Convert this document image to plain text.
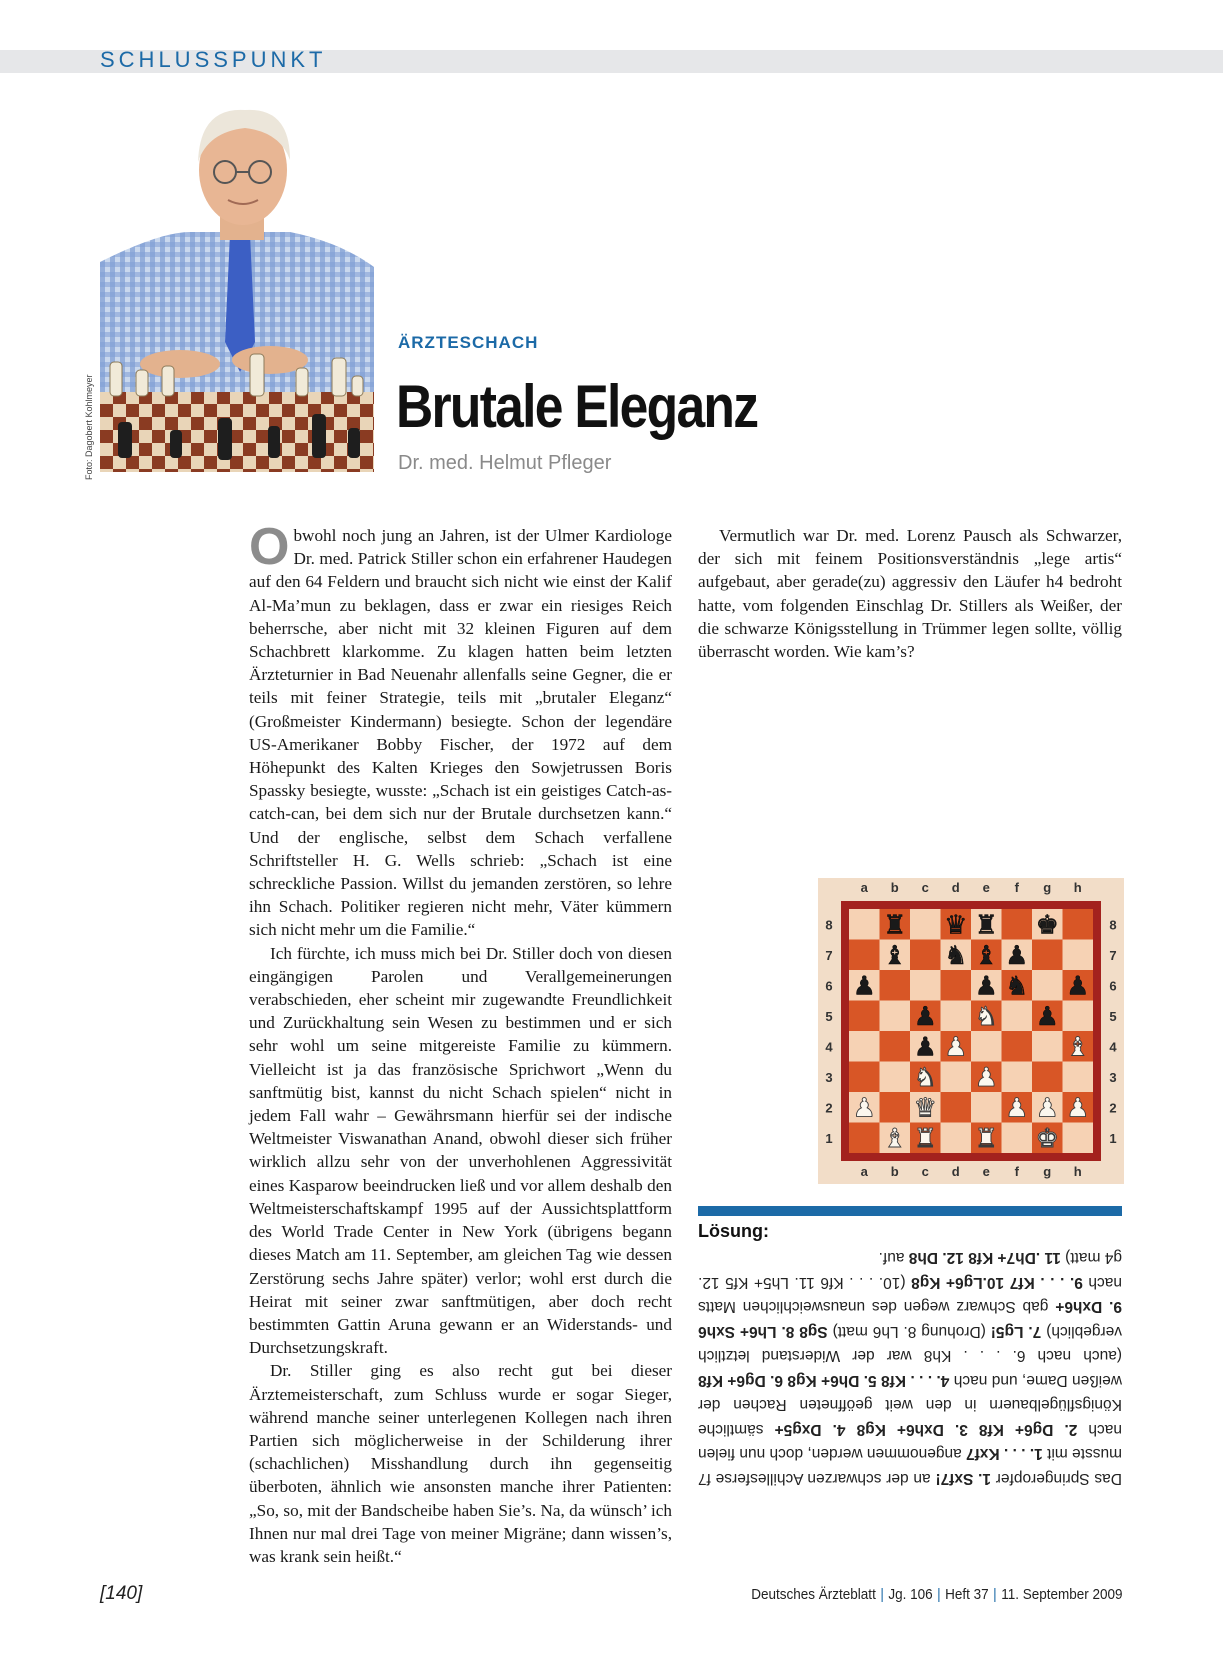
SCHLUSSPUNKT
Foto: Dagobert Kohlmeyer
ÄRZTESCHACH
Brutale Eleganz
Dr. med. Helmut Pfleger

Obwohl noch jung an Jahren, ist der Ulmer Kardiologe Dr. med. Patrick Stiller schon ein erfahrener Haudegen auf den 64 Feldern und braucht sich nicht wie einst der Kalif Al-Ma’mun zu beklagen, dass er zwar ein riesiges Reich beherrsche, aber nicht mit 32 kleinen Figuren auf dem Schachbrett klarkomme. Zu klagen hatten beim letzten Ärzteturnier in Bad Neuenahr allenfalls seine Gegner, die er teils mit feiner Strategie, teils mit „brutaler Eleganz“ (Großmeister Kindermann) besiegte. Schon der legendäre US-Amerikaner Bobby Fischer, der 1972 auf dem Höhepunkt des Kalten Krieges den Sowjetrussen Boris Spassky besiegte, wusste: „Schach ist ein geistiges Catch-as-catch-can, bei dem sich nur der Brutale durchsetzen kann.“ Und der englische, selbst dem Schach verfallene Schriftsteller H. G. Wells schrieb: „Schach ist eine schreckliche Passion. Willst du jemanden zerstören, so lehre ihn Schach. Politiker regieren nicht mehr, Väter kümmern sich nicht mehr um die Familie.“

Ich fürchte, ich muss mich bei Dr. Stiller doch von diesen eingängigen Parolen und Verallgemeinerungen verabschieden, eher scheint mir zugewandte Freundlichkeit und Zurückhaltung sein Wesen zu bestimmen und er sich sehr wohl um seine mitgereiste Familie zu kümmern. Vielleicht ist ja das französische Sprichwort „Wenn du sanftmütig bist, kannst du nicht Schach spielen“ nicht in jedem Fall wahr – Gewährsmann hierfür sei der indische Weltmeister Viswanathan Anand, obwohl dieser sich früher wirklich allzu sehr von der unverhohlenen Aggressivität eines Kasparow beeindrucken ließ und vor allem deshalb den Weltmeisterschaftskampf 1995 auf der Aussichtsplattform des World Trade Center in New York (übrigens begann dieses Match am 11. September, am gleichen Tag wie dessen Zerstörung sechs Jahre später) verlor; wohl erst durch die Heirat mit seiner zwar sanftmütigen, aber doch recht bestimmten Gattin Aruna gewann er an Widerstands- und Durchsetzungskraft.

Dr. Stiller ging es also recht gut bei dieser Ärztemeisterschaft, zum Schluss wurde er sogar Sieger, während manche seiner unterlegenen Kollegen nach ihren Partien sich möglicherweise in der Schilderung ihrer (schachlichen) Misshandlung durch ihn gegenseitig überboten, ähnlich wie ansonsten manche ihrer Patienten: „So, so, mit der Bandscheibe haben Sie’s. Na, da wünsch’ ich Ihnen nur mal drei Tage von meiner Migräne; dann wissen’s, was krank sein heißt.“

Vermutlich war Dr. med. Lorenz Pausch als Schwarzer, der sich mit feinem Positionsverständnis „lege artis“ aufgebaut, aber gerade(zu) aggressiv den Läufer h4 bedroht hatte, vom folgenden Einschlag Dr. Stillers als Weißer, der die schwarze Königsstellung in Trümmer legen sollte, völlig überrascht worden. Wie kam’s?

a
a
b
b
c
c
d
d
e
e
f
f
g
g
h
h
8	8
7	7
6	6
5	5
4	4
3	3
2	2
1	1
♜ ♛ ♜ ♚
♝ ♞ ♝ ♟
♟	♟ ♞ ♟
♟ ♞ ♟
♟ ♟	♝
♞ ♟
♟ ♛	♟ ♟ ♟
♝ ♜ ♜ ♚
Lösung:

Das Springeropfer 1. Sxf7! an der schwarzen Achillesferse f7 musste mit 1. . . . Kxf7 angenommen werden, doch nun fielen nach 2. Dg6+ Kf8 3. Dxh6+ Kg8 4. Dxg5+ sämtliche Königsflügelbauern in den weit geöffneten Rachen der weißen Dame, und nach 4. . . . Kf8 5. Dh6+ Kg8 6. Dg6+ Kf8 (auch nach 6. . . . Kh8 war der Widerstand letztlich vergeblich) 7. Lg5! (Drohung 8. Lh6 matt) Sg8 8. Lh6+ Sxh6 9. Dxh6+ gab Schwarz wegen des unausweichlichen Matts nach 9. . . . Kf7 10.Lg6+ Kg8 (10. . . . Kf6 11. Lh5+ Kf5 12. g4 matt) 11 .Dh7+ Kf8 12. Dh8 auf.

[140]	Deutsches Ärzteblatt | Jg. 106 | Heft 37 | 11. September 2009
